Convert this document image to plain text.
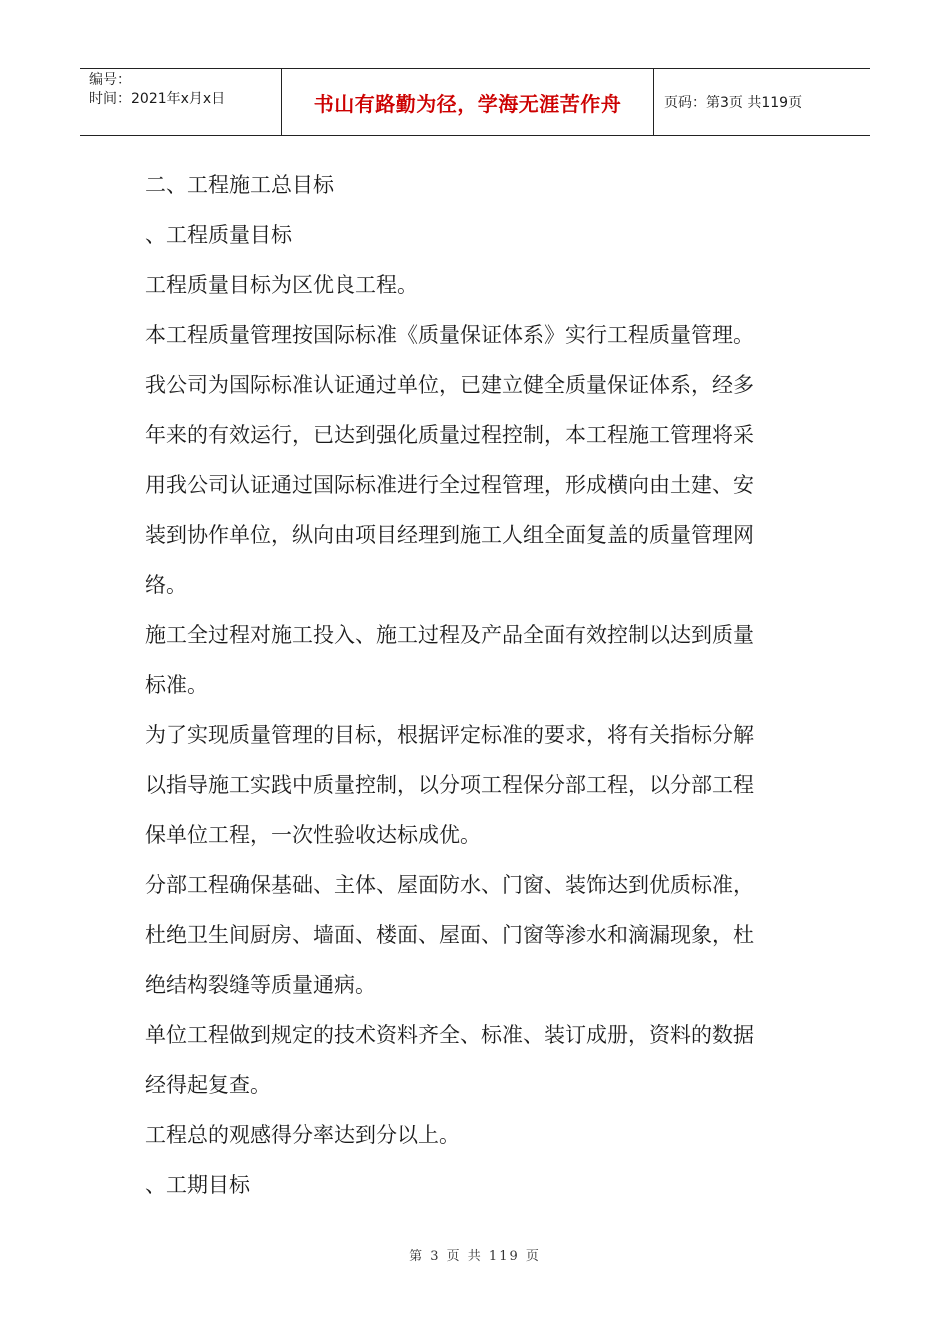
编号：
时间：2021年x月x日	书山有路勤为径，学海无涯苦作舟	页码：第3页 共119页

二、工程施工总目标

、工程质量目标

工程质量目标为区优良工程。

本工程质量管理按国际标准《质量保证体系》实行工程质量管理。

我公司为国际标准认证通过单位，已建立健全质量保证体系，经多

年来的有效运行，已达到强化质量过程控制，本工程施工管理将采

用我公司认证通过国际标准进行全过程管理，形成横向由土建、安

装到协作单位，纵向由项目经理到施工人组全面复盖的质量管理网

络。

施工全过程对施工投入、施工过程及产品全面有效控制以达到质量

标准。

为了实现质量管理的目标，根据评定标准的要求，将有关指标分解

以指导施工实践中质量控制，以分项工程保分部工程，以分部工程

保单位工程，一次性验收达标成优。

分部工程确保基础、主体、屋面防水、门窗、装饰达到优质标准，

杜绝卫生间厨房、墙面、楼面、屋面、门窗等渗水和滴漏现象，杜

绝结构裂缝等质量通病。

单位工程做到规定的技术资料齐全、标准、装订成册，资料的数据

经得起复查。

工程总的观感得分率达到分以上。

、工期目标

第 3 页 共 119 页
